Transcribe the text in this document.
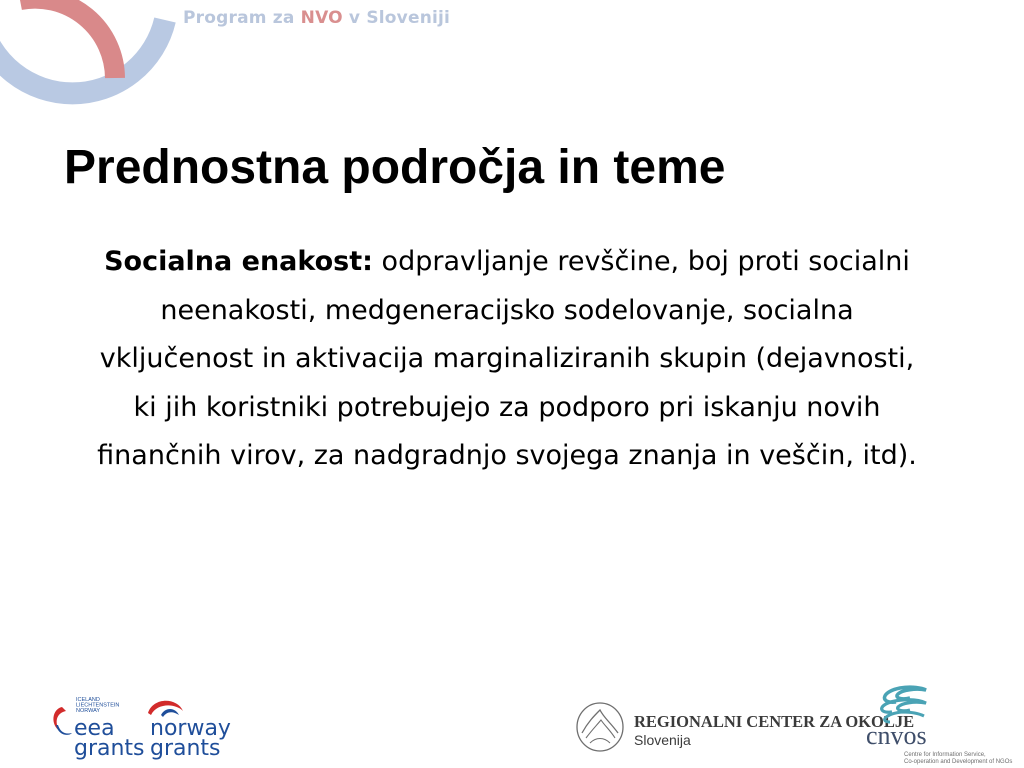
Program za NVO v Sloveniji
Prednostna področja in teme

Socialna enakost: odpravljanje revščine, boj proti socialni neenakosti, medgeneracijsko sodelovanje, socialna vključenost in aktivacija marginaliziranih skupin (dejavnosti, ki jih koristniki potrebujejo za podporo pri iskanju novih finančnih virov, za nadgradnjo svojega znanja in veščin, itd).

ICELAND
LIECHTENSTEIN
NORWAY
eea
grants
norway
grants
REGIONALNI CENTER ZA OKOLJE
Slovenija	cnvos
Centre for Information Service,
Co-operation and Development of NGOs
